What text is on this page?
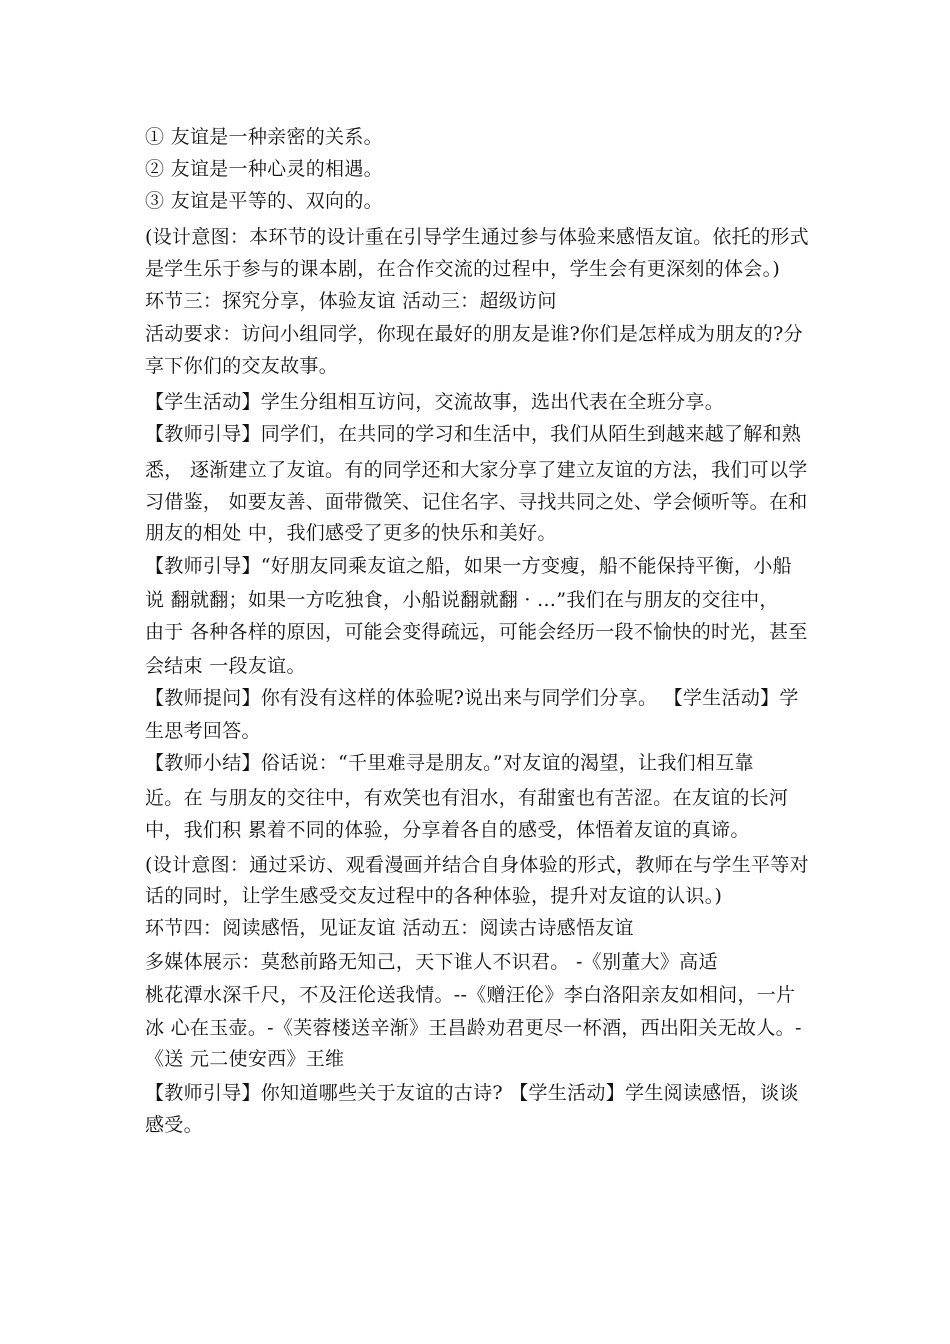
① 友谊是一种亲密的关系。
② 友谊是一种心灵的相遇。
③ 友谊是平等的、双向的。
(设计意图：本环节的设计重在引导学生通过参与体验来感悟友谊。依托的形式
是学生乐于参与的课本剧，在合作交流的过程中，学生会有更深刻的体会。)
环节三：探究分享，体验友谊 活动三：超级访问
活动要求：访问小组同学，你现在最好的朋友是谁?你们是怎样成为朋友的?分
享下你们的交友故事。
【学生活动】学生分组相互访问，交流故事，选出代表在全班分享。
【教师引导】同学们，在共同的学习和生活中，我们从陌生到越来越了解和熟
悉， 逐渐建立了友谊。有的同学还和大家分享了建立友谊的方法，我们可以学
习借鉴， 如要友善、面带微笑、记住名字、寻找共同之处、学会倾听等。在和
朋友的相处 中，我们感受了更多的快乐和美好。
【教师引导】“好朋友同乘友谊之船，如果一方变瘦，船不能保持平衡，小船
说 翻就翻；如果一方吃独食，小船说翻就翻 · …”我们在与朋友的交往中，
由于 各种各样的原因，可能会变得疏远，可能会经历一段不愉快的时光，甚至
会结束 一段友谊。
【教师提问】你有没有这样的体验呢?说出来与同学们分享。 【学生活动】学
生思考回答。
【教师小结】俗话说：“千里难寻是朋友。”对友谊的渴望，让我们相互靠
近。在 与朋友的交往中，有欢笑也有泪水，有甜蜜也有苦涩。在友谊的长河
中，我们积 累着不同的体验，分享着各自的感受，体悟着友谊的真谛。
(设计意图：通过采访、观看漫画并结合自身体验的形式，教师在与学生平等对
话的同时，让学生感受交友过程中的各种体验，提升对友谊的认识。)
环节四：阅读感悟，见证友谊 活动五：阅读古诗感悟友谊
多媒体展示：莫愁前路无知己，天下谁人不识君。 -《别董大》高适
桃花潭水深千尺，不及汪伦送我情。--《赠汪伦》李白洛阳亲友如相问，一片
冰 心在玉壶。-《芙蓉楼送辛渐》王昌龄劝君更尽一杯酒，西出阳关无故人。-
《送 元二使安西》王维
【教师引导】你知道哪些关于友谊的古诗? 【学生活动】学生阅读感悟，谈谈
感受。
